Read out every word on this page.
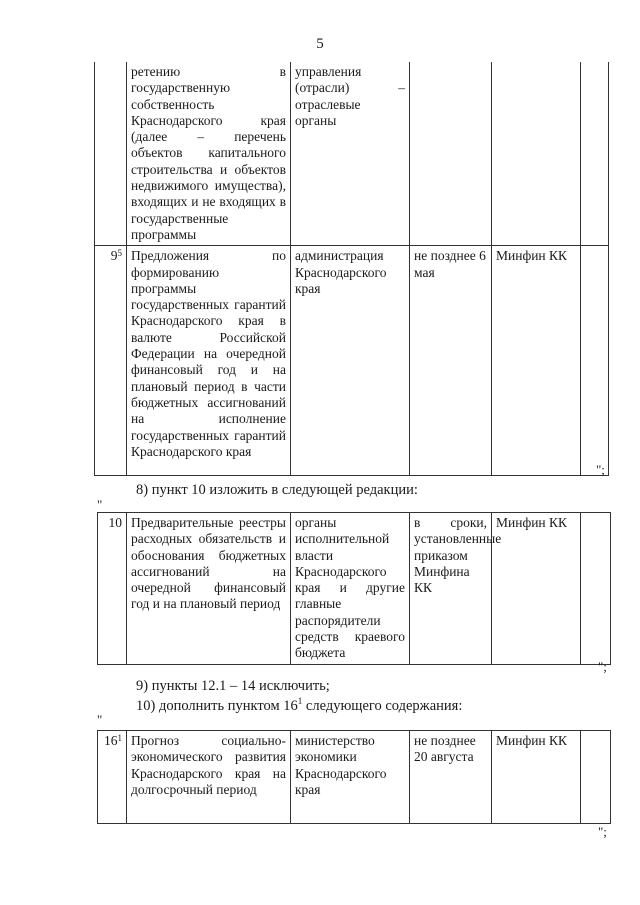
5
	ретению в государственную собственность Краснодарского края (далее – перечень объектов капитального строительства и объектов недвижимого имущества), входящих и не входящих в государственные программы	управления (отрасли) – отраслевые органы			
$9^5$	Предложения по формированию программы государственных гарантий Краснодарского края в валюте Российской Федерации на очередной финансовый год и на плановый период в части бюджетных ассигнований на исполнение государственных гарантий Краснодарского края	администрация Краснодарского края	не позднее 6 мая	Минфин КК	
";
8) пункт 10 изложить в следующей редакции:
"
10	Предварительные реестры расходных обязательств и обоснования бюджетных ассигнований на очередной финансовый год и на плановый период	органы исполнительной власти Краснодарского края и другие главные распорядители средств краевого бюджета	в сроки, установленные приказом Минфина КК	Минфин КК	
";
9) пункты 12.1 – 14 исключить;
10) дополнить пунктом $16^1$ следующего содержания:
"
$16^1$	Прогноз социально-экономического развития Краснодарского края на долгосрочный период	министерство экономики Краснодарского края	не позднее 20 августа	Минфин КК	
";
